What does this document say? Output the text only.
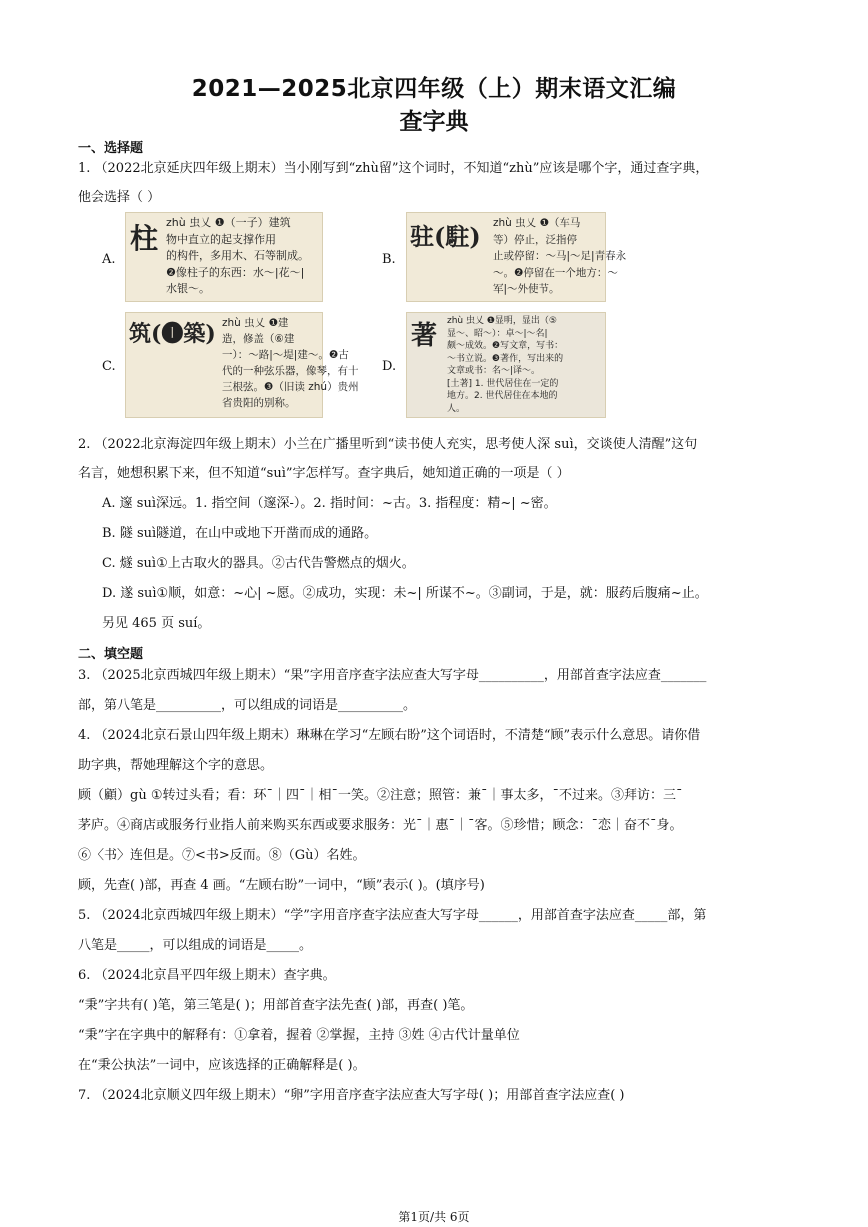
2021—2025北京四年级（上）期末语文汇编
查字典
一、选择题
1. （2022北京延庆四年级上期末）当小刚写到“zhù留”这个词时，不知道“zhù”应该是哪个字，通过查字典，
他会选择（ ）
A.
柱 zhù 虫乂 ❶（一子）建筑
物中直立的起支撑作用
的构件，多用木、石等制成。
❷像柱子的东西：水～|花～|
水银～。
B.
驻(駐) zhù 虫乂 ❶（车马
等）停止，泛指停
止或停留：～马|～足|青春永
～。❷停留在一个地方：～
军|～外使节。
C.
筑(❶築) zhù 虫乂 ❶建
造，修盖（⑥建
一）：～路|～堤|建～。❷古
代的一种弦乐器，像琴，有十
三根弦。❸（旧读 zhú）贵州
省贵阳的别称。
D.
著 zhù 虫乂 ❶显明，显出（⑤
显～、昭～）：卓～|～名|
颇～成效。❷写文章，写书：
～书立说。❸著作，写出来的
文章或书：名～|译～。
[土著] 1. 世代居住在一定的
地方。2. 世代居住在本地的
人。
2. （2022北京海淀四年级上期末）小兰在广播里听到“读书使人充实，思考使人深 suì，交谈使人清醒”这句
名言，她想积累下来，但不知道“suì”字怎样写。查字典后，她知道正确的一项是（ ）
A. 邃 suì深远。1. 指空间（邃深-）。2. 指时间：~古。3. 指程度：精~| ~密。
B. 隧 suì隧道，在山中或地下开凿而成的通路。
C. 燧 suì①上古取火的器具。②古代告警燃点的烟火。
D. 遂 suì①顺，如意：~心| ~愿。②成功，实现：未~| 所谋不~。③副词，于是，就：服药后腹痛~止。
另见 465 页 suí。
二、填空题
3. （2025北京西城四年级上期末）“果”字用音序查字法应查大写字母__________，用部首查字法应查_______
部，第八笔是__________，可以组成的词语是__________。
4. （2024北京石景山四年级上期末）琳琳在学习“左顾右盼”这个词语时，不清楚“顾”表示什么意思。请你借
助字典，帮她理解这个字的意思。
顾（顧）gù ①转过头看；看：环ˉ｜四ˉ｜相ˉ一笑。②注意；照管：兼ˉ｜事太多，ˉ不过来。③拜访：三ˉ
茅庐。④商店或服务行业指人前来购买东西或要求服务：光ˉ｜惠ˉ｜ˉ客。⑤珍惜；顾念：ˉ恋｜奋不ˉ身。
⑥〈书〉连但是。⑦<书>反而。⑧（Gù）名姓。
顾，先查( )部，再查 4 画。“左顾右盼”一词中，“顾”表示( )。(填序号)
5. （2024北京西城四年级上期末）“学”字用音序查字法应查大写字母______，用部首查字法应查_____部，第
八笔是_____，可以组成的词语是_____。
6. （2024北京昌平四年级上期末）查字典。
“秉”字共有( )笔，第三笔是( )；用部首查字法先查( )部，再查( )笔。
“秉”字在字典中的解释有：①拿着，握着 ②掌握，主持 ③姓 ④古代计量单位
在“秉公执法”一词中，应该选择的正确解释是( )。
7. （2024北京顺义四年级上期末）“卵”字用音序查字法应查大写字母( )；用部首查字法应查( )
第1页/共 6页
